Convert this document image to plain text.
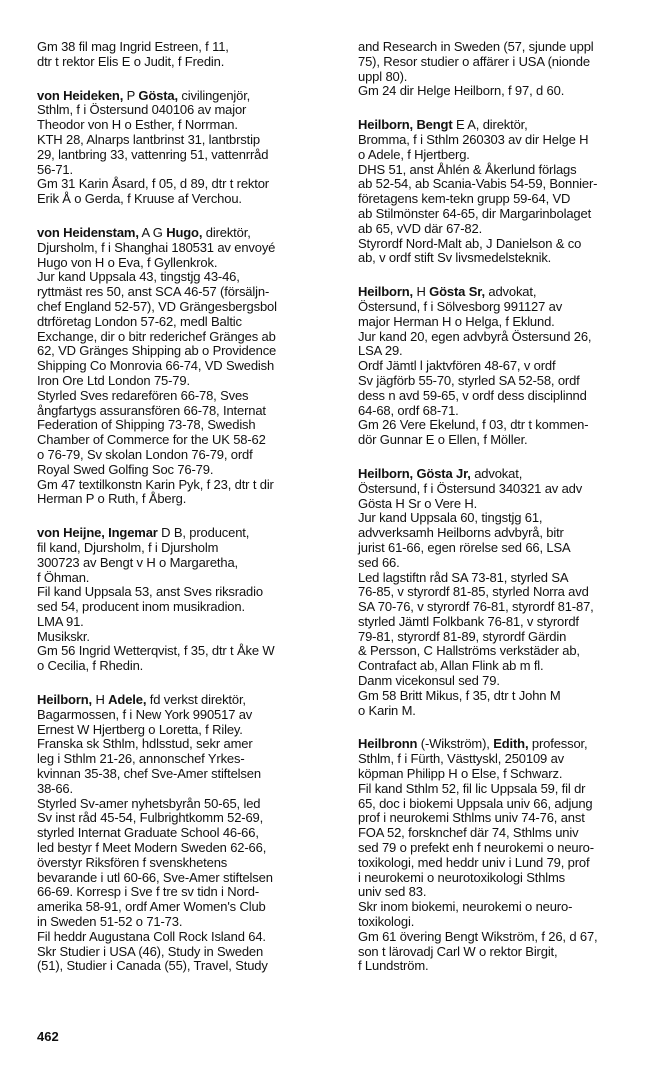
Gm 38 fil mag Ingrid Estreen, f 11,
dtr t rektor Elis E o Judit, f Fredin.
von Heideken, P Gösta, civilingenjör,
Sthlm, f i Östersund 040106 av major
Theodor von H o Esther, f Norrman.
KTH 28, Alnarps lantbrinst 31, lantbrstip
29, lantbring 33, vattenring 51, vattenrråd
56-71.
Gm 31 Karin Åsard, f 05, d 89, dtr t rektor
Erik Å o Gerda, f Kruuse af Verchou.
von Heidenstam, A G Hugo, direktör,
Djursholm, f i Shanghai 180531 av envoyé
Hugo von H o Eva, f Gyllenkrok.
Jur kand Uppsala 43, tingstjg 43-46,
ryttmäst res 50, anst SCA 46-57 (försäljn-
chef England 52-57), VD Grängesbergsbol
dtrföretag London 57-62, medl Baltic
Exchange, dir o bitr rederichef Gränges ab
62, VD Gränges Shipping ab o Providence
Shipping Co Monrovia 66-74, VD Swedish
Iron Ore Ltd London 75-79.
Styrled Sves redarefören 66-78, Sves
ångfartygs assuransfören 66-78, Internat
Federation of Shipping 73-78, Swedish
Chamber of Commerce for the UK 58-62
o 76-79, Sv skolan London 76-79, ordf
Royal Swed Golfing Soc 76-79.
Gm 47 textilkonstn Karin Pyk, f 23, dtr t dir
Herman P o Ruth, f Åberg.
von Heijne, Ingemar D B, producent,
fil kand, Djursholm, f i Djursholm
300723 av Bengt v H o Margaretha,
f Öhman.
Fil kand Uppsala 53, anst Sves riksradio
sed 54, producent inom musikradion.
LMA 91.
Musikskr.
Gm 56 Ingrid Wetterqvist, f 35, dtr t Åke W
o Cecilia, f Rhedin.
Heilborn, H Adele, fd verkst direktör,
Bagarmossen, f i New York 990517 av
Ernest W Hjertberg o Loretta, f Riley.
Franska sk Sthlm, hdlsstud, sekr amer
leg i Sthlm 21-26, annonschef Yrkes-
kvinnan 35-38, chef Sve-Amer stiftelsen
38-66.
Styrled Sv-amer nyhetsbyrån 50-65, led
Sv inst råd 45-54, Fulbrightkomm 52-69,
styrled Internat Graduate School 46-66,
led bestyr f Meet Modern Sweden 62-66,
överstyr Riksfören f svenskhetens
bevarande i utl 60-66, Sve-Amer stiftelsen
66-69. Korresp i Sve f tre sv tidn i Nord-
amerika 58-91, ordf Amer Women's Club
in Sweden 51-52 o 71-73.
Fil heddr Augustana Coll Rock Island 64.
Skr Studier i USA (46), Study in Sweden
(51), Studier i Canada (55), Travel, Study
and Research in Sweden (57, sjunde uppl
75), Resor studier o affärer i USA (nionde
uppl 80).
Gm 24 dir Helge Heilborn, f 97, d 60.
Heilborn, Bengt E A, direktör,
Bromma, f i Sthlm 260303 av dir Helge H
o Adele, f Hjertberg.
DHS 51, anst Åhlén & Åkerlund förlags
ab 52-54, ab Scania-Vabis 54-59, Bonnier-
företagens kem-tekn grupp 59-64, VD
ab Stilmönster 64-65, dir Margarinbolaget
ab 65, vVD där 67-82.
Styrordf Nord-Malt ab, J Danielson & co
ab, v ordf stift Sv livsmedelsteknik.
Heilborn, H Gösta Sr, advokat,
Östersund, f i Sölvesborg 991127 av
major Herman H o Helga, f Eklund.
Jur kand 20, egen advbyrå Östersund 26,
LSA 29.
Ordf Jämtl l jaktvfören 48-67, v ordf
Sv jägförb 55-70, styrled SA 52-58, ordf
dess n avd 59-65, v ordf dess disciplinnd
64-68, ordf 68-71.
Gm 26 Vere Ekelund, f 03, dtr t kommen-
dör Gunnar E o Ellen, f Möller.
Heilborn, Gösta Jr, advokat,
Östersund, f i Östersund 340321 av adv
Gösta H Sr o Vere H.
Jur kand Uppsala 60, tingstjg 61,
advverksamh Heilborns advbyrå, bitr
jurist 61-66, egen rörelse sed 66, LSA
sed 66.
Led lagstiftn råd SA 73-81, styrled SA
76-85, v styrordf 81-85, styrled Norra avd
SA 70-76, v styrordf 76-81, styrordf 81-87,
styrled Jämtl Folkbank 76-81, v styrordf
79-81, styrordf 81-89, styrordf Gärdin
& Persson, C Hallströms verkstäder ab,
Contrafact ab, Allan Flink ab m fl.
Danm vicekonsul sed 79.
Gm 58 Britt Mikus, f 35, dtr t John M
o Karin M.
Heilbronn (-Wikström), Edith, professor,
Sthlm, f i Fürth, Västtyskl, 250109 av
köpman Philipp H o Else, f Schwarz.
Fil kand Sthlm 52, fil lic Uppsala 59, fil dr
65, doc i biokemi Uppsala univ 66, adjung
prof i neurokemi Sthlms univ 74-76, anst
FOA 52, forsknchef där 74, Sthlms univ
sed 79 o prefekt enh f neurokemi o neuro-
toxikologi, med heddr univ i Lund 79, prof
i neurokemi o neurotoxikologi Sthlms
univ sed 83.
Skr inom biokemi, neurokemi o neuro-
toxikologi.
Gm 61 övering Bengt Wikström, f 26, d 67,
son t lärovadj Carl W o rektor Birgit,
f Lundström.
462
